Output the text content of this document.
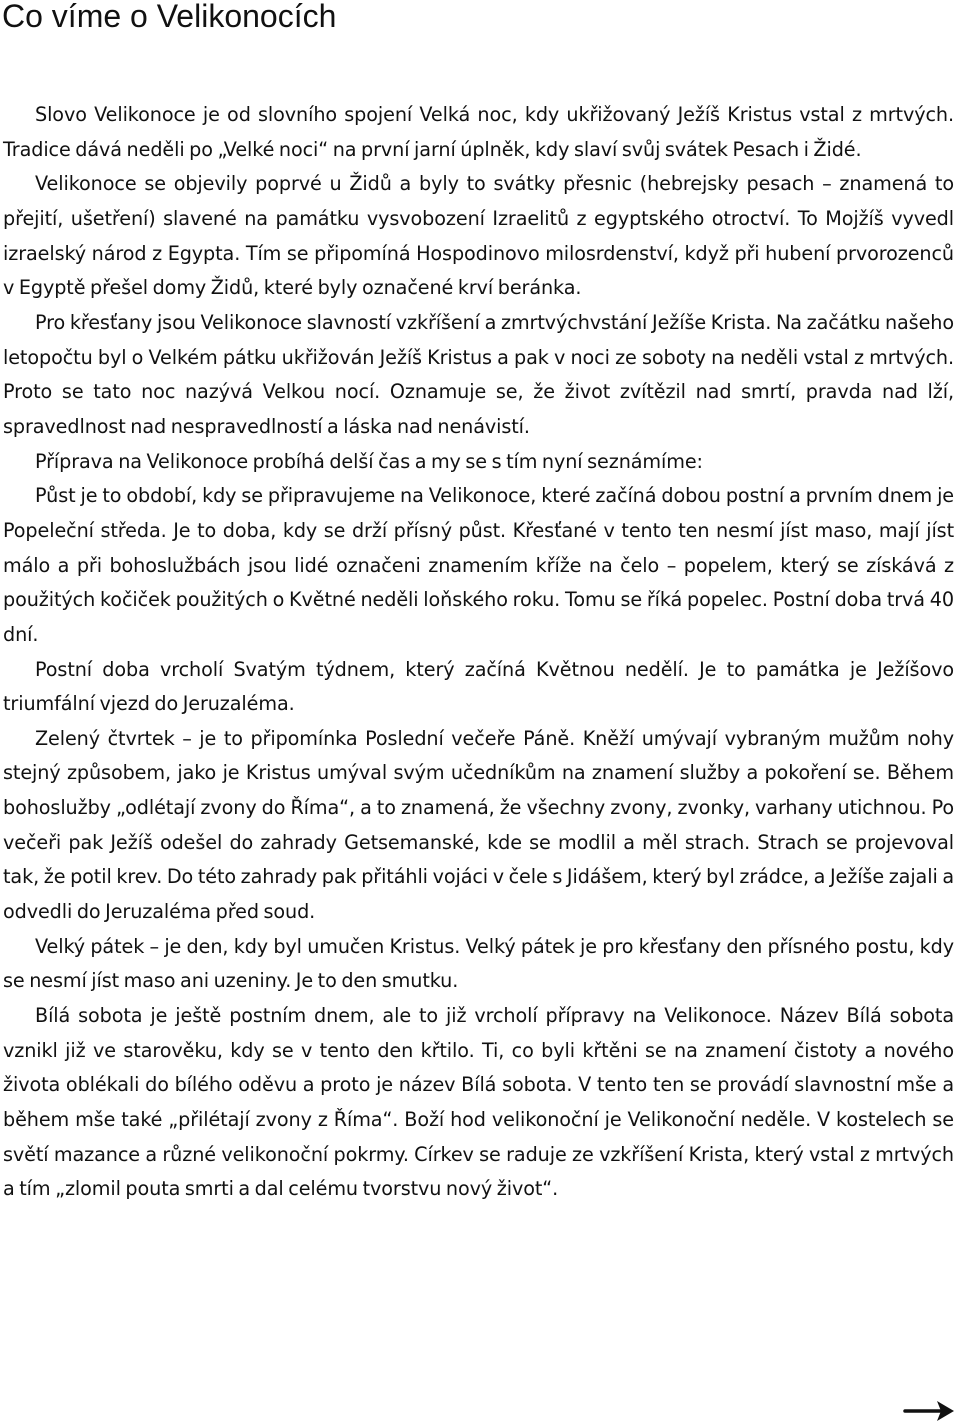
Co víme o Velikonocích

Slovo Velikonoce je od slovního spojení Velká noc, kdy ukřižovaný Ježíš Kristus vstal z mrtvých. Tradice dává neděli po „Velké noci“ na první jarní úplněk, kdy slaví svůj svátek Pesach i Židé.

Velikonoce se objevily poprvé u Židů a byly to svátky přesnic (hebrejsky pesach – znamená to přejití, ušetření) slavené na památku vysvobození Izraelitů z egyptského otroctví. To Mojžíš vyvedl izraelský národ z Egypta. Tím se připomíná Hospodinovo milosrdenství, když při hubení prvorozenců v Egyptě přešel domy Židů, které byly označené krví beránka.

Pro křesťany jsou Velikonoce slavností vzkříšení a zmrtvýchvstání Ježíše Krista. Na začátku našeho letopočtu byl o Velkém pátku ukřižován Ježíš Kristus a pak v noci ze soboty na neděli vstal z mrtvých. Proto se tato noc nazývá Velkou nocí. Oznamuje se, že život zvítězil nad smrtí, pravda nad lží, spravedlnost nad nespravedlností a láska nad nenávistí.

Příprava na Velikonoce probíhá delší čas a my se s tím nyní seznámíme:

Půst je to období, kdy se připravujeme na Velikonoce, které začíná dobou postní a prvním dnem je Popeleční středa. Je to doba, kdy se drží přísný půst. Křesťané v tento ten nesmí jíst maso, mají jíst málo a při bohoslužbách jsou lidé označeni znamením kříže na čelo – popelem, který se získává z použitých kočiček použitých o Květné neděli loňského roku. Tomu se říká popelec. Postní doba trvá 40 dní.

Postní doba vrcholí Svatým týdnem, který začíná Květnou nedělí. Je to památka je Ježíšovo triumfální vjezd do Jeruzaléma.

Zelený čtvrtek – je to připomínka Poslední večeře Páně. Kněží umývají vybraným mužům nohy stejný způsobem, jako je Kristus umýval svým učedníkům na znamení služby a pokoření se. Během bohoslužby „odlétají zvony do Říma“, a to znamená, že všechny zvony, zvonky, varhany utichnou. Po večeři pak Ježíš odešel do zahrady Getsemanské, kde se modlil a měl strach. Strach se projevoval tak, že potil krev. Do této zahrady pak přitáhli vojáci v čele s Jidášem, který byl zrádce, a Ježíše zajali a odvedli do Jeruzaléma před soud.

Velký pátek – je den, kdy byl umučen Kristus. Velký pátek je pro křesťany den přísného postu, kdy se nesmí jíst maso ani uzeniny. Je to den smutku.

Bílá sobota je ještě postním dnem, ale to již vrcholí přípravy na Velikonoce. Název Bílá sobota vznikl již ve starověku, kdy se v tento den křtilo. Ti, co byli křtěni se na znamení čistoty a nového života oblékali do bílého oděvu a proto je název Bílá sobota. V tento ten se provádí slavnostní mše a během mše také „přilétají zvony z Říma“. Boží hod velikonoční je Velikonoční neděle. V kostelech se světí mazance a různé velikonoční pokrmy. Církev se raduje ze vzkříšení Krista, který vstal z mrtvých a tím „zlomil pouta smrti a dal celému tvorstvu nový život“.
